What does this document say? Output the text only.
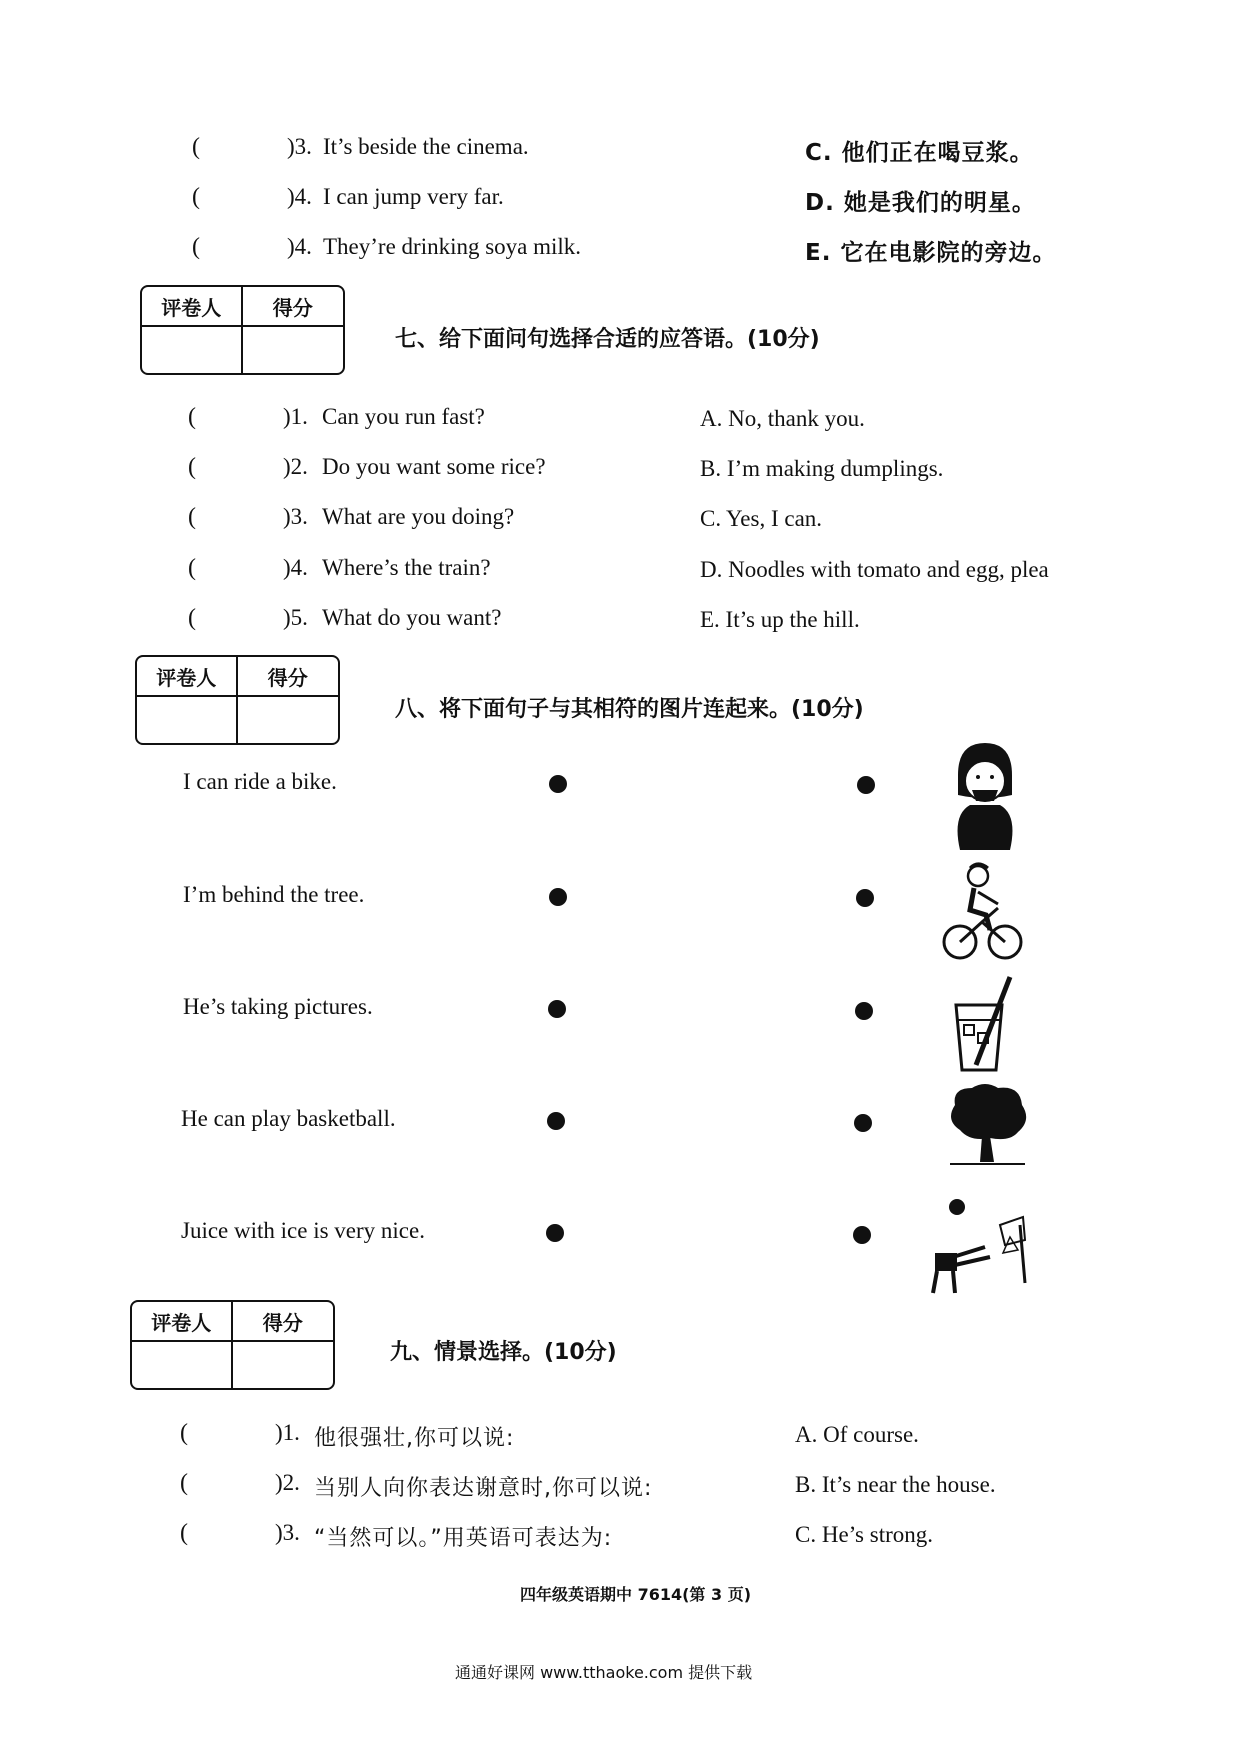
(	)3. It’s beside the cinema.	C. 他们正在喝豆浆。
(	)4. I can jump very far.	D. 她是我们的明星。
(	)4. They’re drinking soya milk.	E. 它在电影院的旁边。
评卷人	得分
七、给下面问句选择合适的应答语。(10分)
(	)1. Can you run fast?	A. No, thank you.
(	)2. Do you want some rice?	B. I’m making dumplings.
(	)3. What are you doing?	C. Yes, I can.
(	)4. Where’s the train?	D. Noodles with tomato and egg, plea
(	)5. What do you want?	E. It’s up the hill.
评卷人	得分
八、将下面句子与其相符的图片连起来。(10分)
I can ride a bike.
I’m behind the tree.
He’s taking pictures.
He can play basketball.
Juice with ice is very nice.
评卷人	得分
九、情景选择。(10分)
(	)1. 他很强壮,你可以说:	A. Of course.
(	)2. 当别人向你表达谢意时,你可以说:	B. It’s near the house.
(	)3. “当然可以。”用英语可表达为:	C. He’s strong.
四年级英语期中 7614(第 3 页)
通通好课网 www.tthaoke.com 提供下载
